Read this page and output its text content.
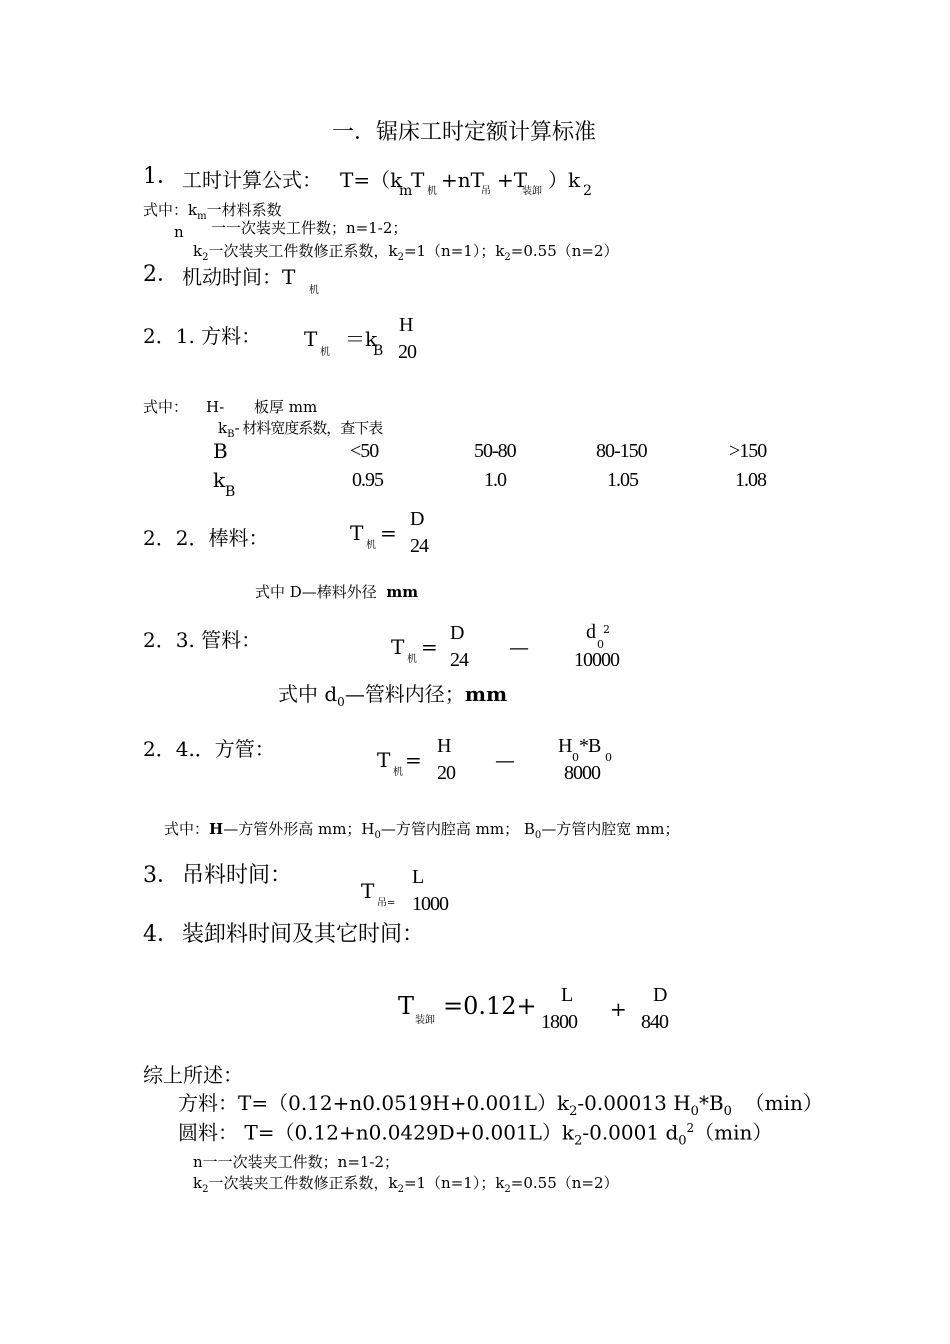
一．锯床工时定额计算标准
1． 工时计算公式： T=（k
m
T 机 +nT
吊 +T
装卸 ）k 2
式中：$k_m$一材料系数
n 一一次装夹工件数；n=1-2；
$k_2$一次装夹工件数修正系数，$k_2=1(n=1)$；$k_2=0.55(n=2)$
2． 机动时间：T
机
2．1. 方料： T
机
＝k
B
H
20
式中： H- 板厚 mm
$k_B-$ 材料宽度系数，查下表
B	<50	50-80	80-150	>150
k B
0.95	1.0	1.05	1.08
2．2．棒料：	T
机
=
D
24
式中 D—棒料外径 mm
2．3. 管料：	T
机
=
D
24
—
d
0
2
10000
式中 $d_0—$管料内径；mm
2．4.．方管：	T
机
=
H
20
—
H
0
*B
0
8000
式中：H—方管外形高 mm；$H_0—$方管内腔高 mm； $B_0—$方管内腔宽 mm；
3． 吊料时间：
T
吊=
L
1000
4． 装卸料时间及其它时间：
T
装卸
=0.12+ L
1800
+
D
840
综上所述：
方料：$T=(0.12+n0.0519H+0.001L)k_2-0.00013$ $H_0*B_0$ （min）
圆料： $T=(0.12+n0.0429D+0.001L)k_2-0.0001$ $d_0^2(\min)$
n一一次装夹工件数；n=1-2；
$k_2$一次装夹工件数修正系数，$k_2=1(n=1)$；$k_2=0.55(n=2)$
